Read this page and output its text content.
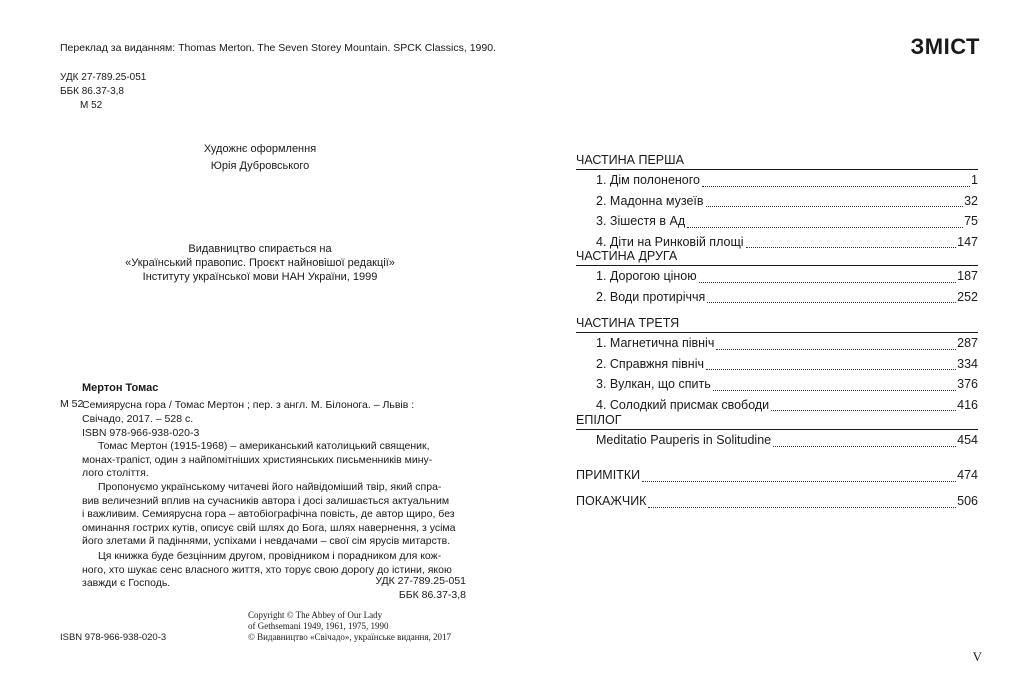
Переклад за виданням: Thomas Merton. The Seven Storey Mountain. SPCK Classics, 1990.
УДК 27-789.25-051
ББК 86.37-3,8
М 52
Художнє оформлення
Юрія Дубровського
Видавництво спирається на
«Український правопис. Проєкт найновішої редакції»
Інституту української мови НАН України, 1999
Мертон Томас
М 52
Семиярусна гора / Томас Мертон ; пер. з англ. М. Білонога. – Львів :
Свічадо, 2017. – 528 с.
ISBN 978-966-938-020-3
Томас Мертон (1915-1968) – американський католицький священик,
монах-трапіст, один з найпомітніших християнських письменників мину-
лого століття.
Пропонуємо українському читачеві його найвідоміший твір, який спра-
вив величезний вплив на сучасників автора і досі залишається актуальним
і важливим. Семиярусна гора – автобіографічна повість, де автор щиро, без
оминання гострих кутів, описує свій шлях до Бога, шлях навернення, з усіма
його злетами й падіннями, успіхами і невдачами – свої сім ярусів митарств.
Ця книжка буде безцінним другом, провідником і порадником для кож-
ного, хто шукає сенс власного життя, хто торує свою дорогу до істини, якою
завжди є Господь.	УДК 27-789.25-051
ББК 86.37-3,8
ISBN 978-966-938-020-3
Copyright © The Abbey of Our Lady
of Gethsemani 1949, 1961, 1975, 1990
© Видавництво «Свічадо», українське видання, 2017
ЗМІСТ
ЧАСТИНА ПЕРША
1. Дім полоненого	1
2. Мадонна музеїв	32
3. Зішестя в Ад	75
4. Діти на Ринковій площі	147
ЧАСТИНА ДРУГА
1. Дорогою ціною	187
2. Води протиріччя	252
ЧАСТИНА ТРЕТЯ
1. Магнетична північ	287
2. Справжня північ	334
3. Вулкан, що спить	376
4. Солодкий присмак свободи	416
ЕПІЛОГ
Meditatio Pauperis in Solitudine	454
ПРИМІТКИ	474
ПОКАЖЧИК	506
V
